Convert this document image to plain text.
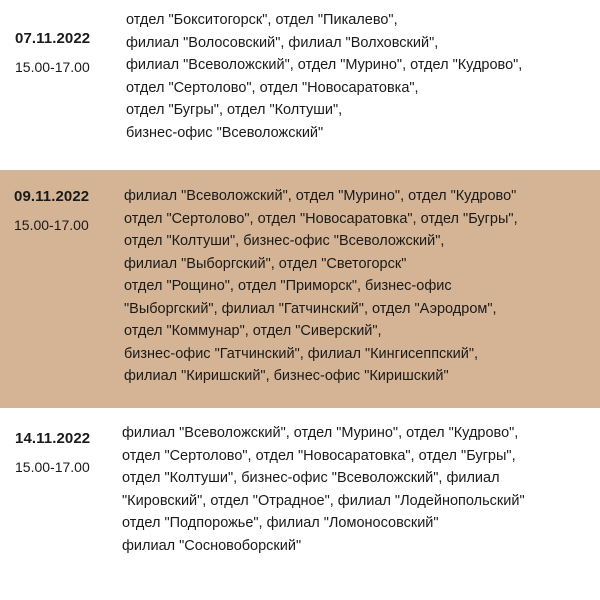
07.11.2022
15.00-17.00
отдел "Бокситогорск", отдел "Пикалево",
филиал "Волосовский", филиал "Волховский",
филиал "Всеволожский", отдел "Мурино", отдел "Кудрово",
отдел "Сертолово", отдел "Новосаратовка",
отдел "Бугры", отдел "Колтуши",
бизнес-офис "Всеволожский"
09.11.2022
15.00-17.00
филиал "Всеволожский", отдел "Мурино", отдел "Кудрово"
отдел "Сертолово", отдел "Новосаратовка", отдел "Бугры",
отдел "Колтуши", бизнес-офис "Всеволожский",
филиал "Выборгский", отдел "Светогорск"
отдел "Рощино", отдел "Приморск", бизнес-офис
"Выборгский", филиал "Гатчинский", отдел "Аэродром",
отдел "Коммунар", отдел "Сиверский",
бизнес-офис "Гатчинский", филиал "Кингисеппский",
филиал "Киришский", бизнес-офис "Киришский"
14.11.2022
15.00-17.00
филиал "Всеволожский", отдел "Мурино", отдел "Кудрово",
отдел "Сертолово", отдел "Новосаратовка", отдел "Бугры",
отдел "Колтуши", бизнес-офис "Всеволожский", филиал
"Кировский", отдел "Отрадное", филиал "Лодейнопольский"
отдел "Подпорожье", филиал "Ломоносовский"
филиал "Сосновоборский"
